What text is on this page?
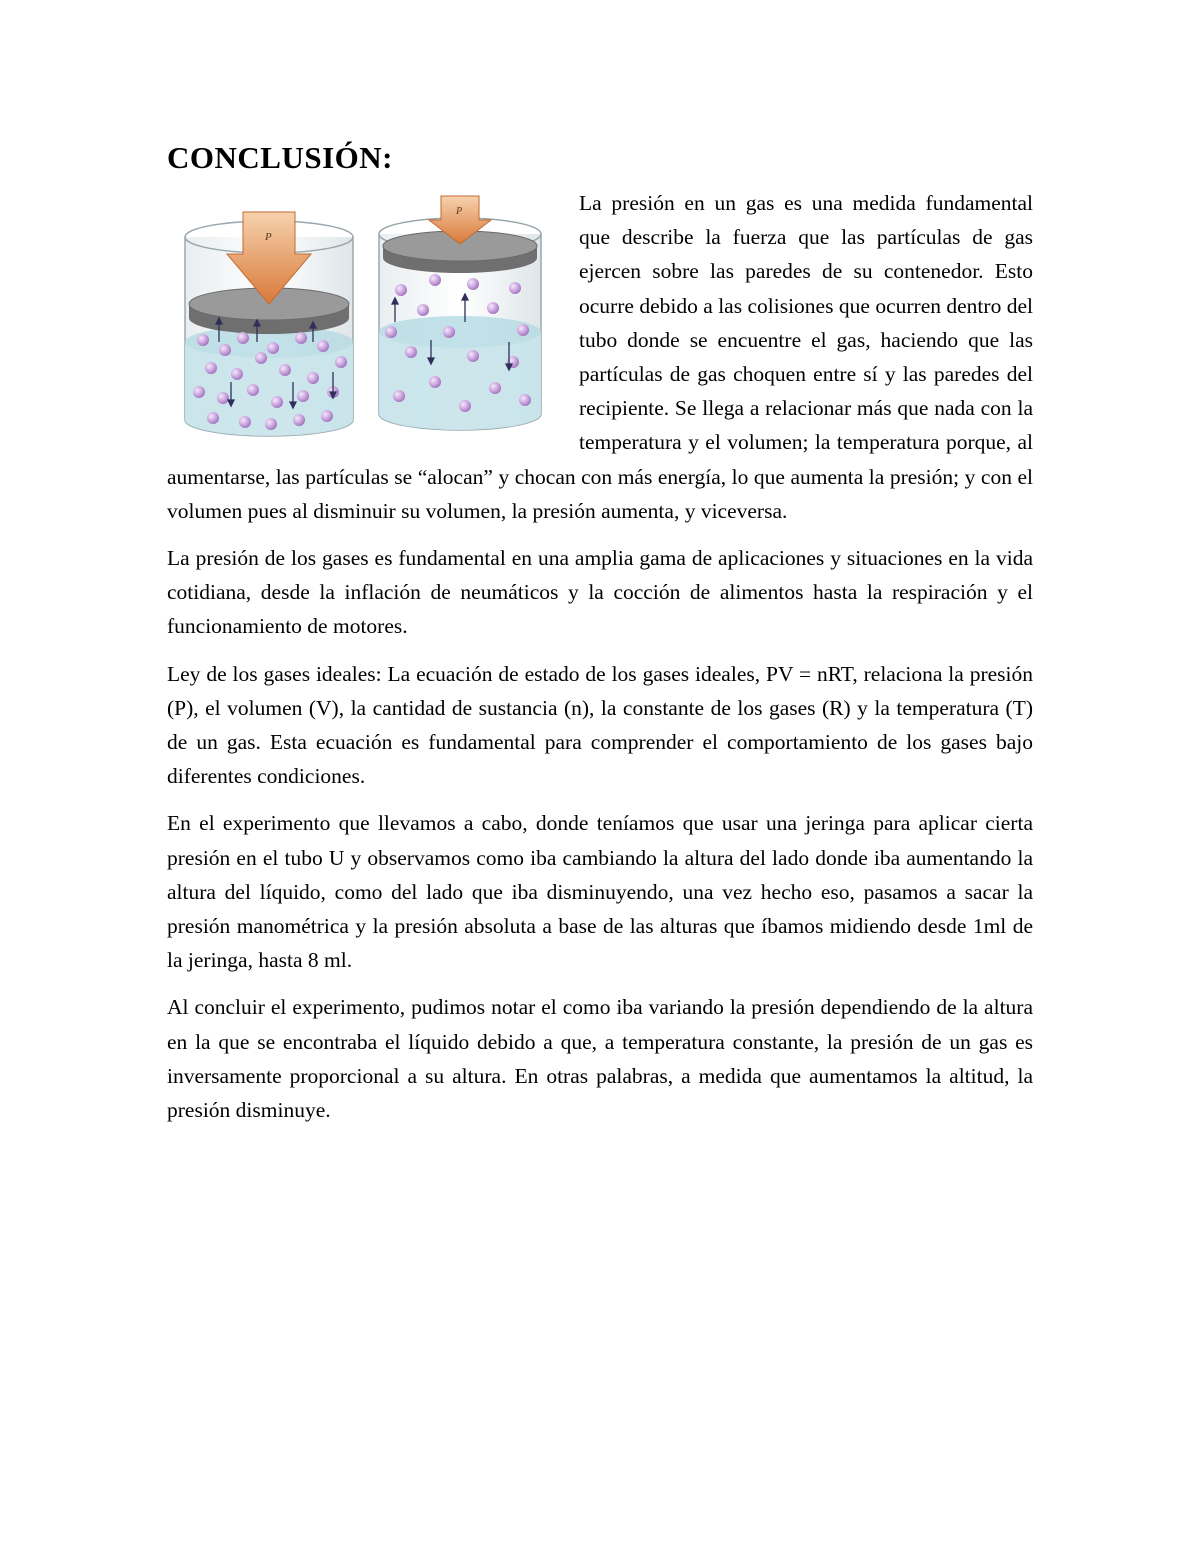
CONCLUSIÓN:

P
P	La presión en un gas es una medida fundamental que describe la fuerza que las partículas de gas ejercen sobre las paredes de su contenedor. Esto ocurre debido a las colisiones que ocurren dentro del tubo donde se encuentre el gas, haciendo que las partículas de gas choquen entre sí y las paredes del recipiente. Se llega a relacionar más que nada con la temperatura y el volumen; la temperatura porque, al aumentarse, las partículas se “alocan” y chocan con más energía, lo que aumenta la presión; y con el volumen pues al disminuir su volumen, la presión aumenta, y viceversa.

La presión de los gases es fundamental en una amplia gama de aplicaciones y situaciones en la vida cotidiana, desde la inflación de neumáticos y la cocción de alimentos hasta la respiración y el funcionamiento de motores.

Ley de los gases ideales: La ecuación de estado de los gases ideales, PV = nRT, relaciona la presión (P), el volumen (V), la cantidad de sustancia (n), la constante de los gases (R) y la temperatura (T) de un gas. Esta ecuación es fundamental para comprender el comportamiento de los gases bajo diferentes condiciones.

En el experimento que llevamos a cabo, donde teníamos que usar una jeringa para aplicar cierta presión en el tubo U y observamos como iba cambiando la altura del lado donde iba aumentando la altura del líquido, como del lado que iba disminuyendo, una vez hecho eso, pasamos a sacar la presión manométrica y la presión absoluta a base de las alturas que íbamos midiendo desde 1ml de la jeringa, hasta 8 ml.

Al concluir el experimento, pudimos notar el como iba variando la presión dependiendo de la altura en la que se encontraba el líquido debido a que, a temperatura constante, la presión de un gas es inversamente proporcional a su altura. En otras palabras, a medida que aumentamos la altitud, la presión disminuye.
